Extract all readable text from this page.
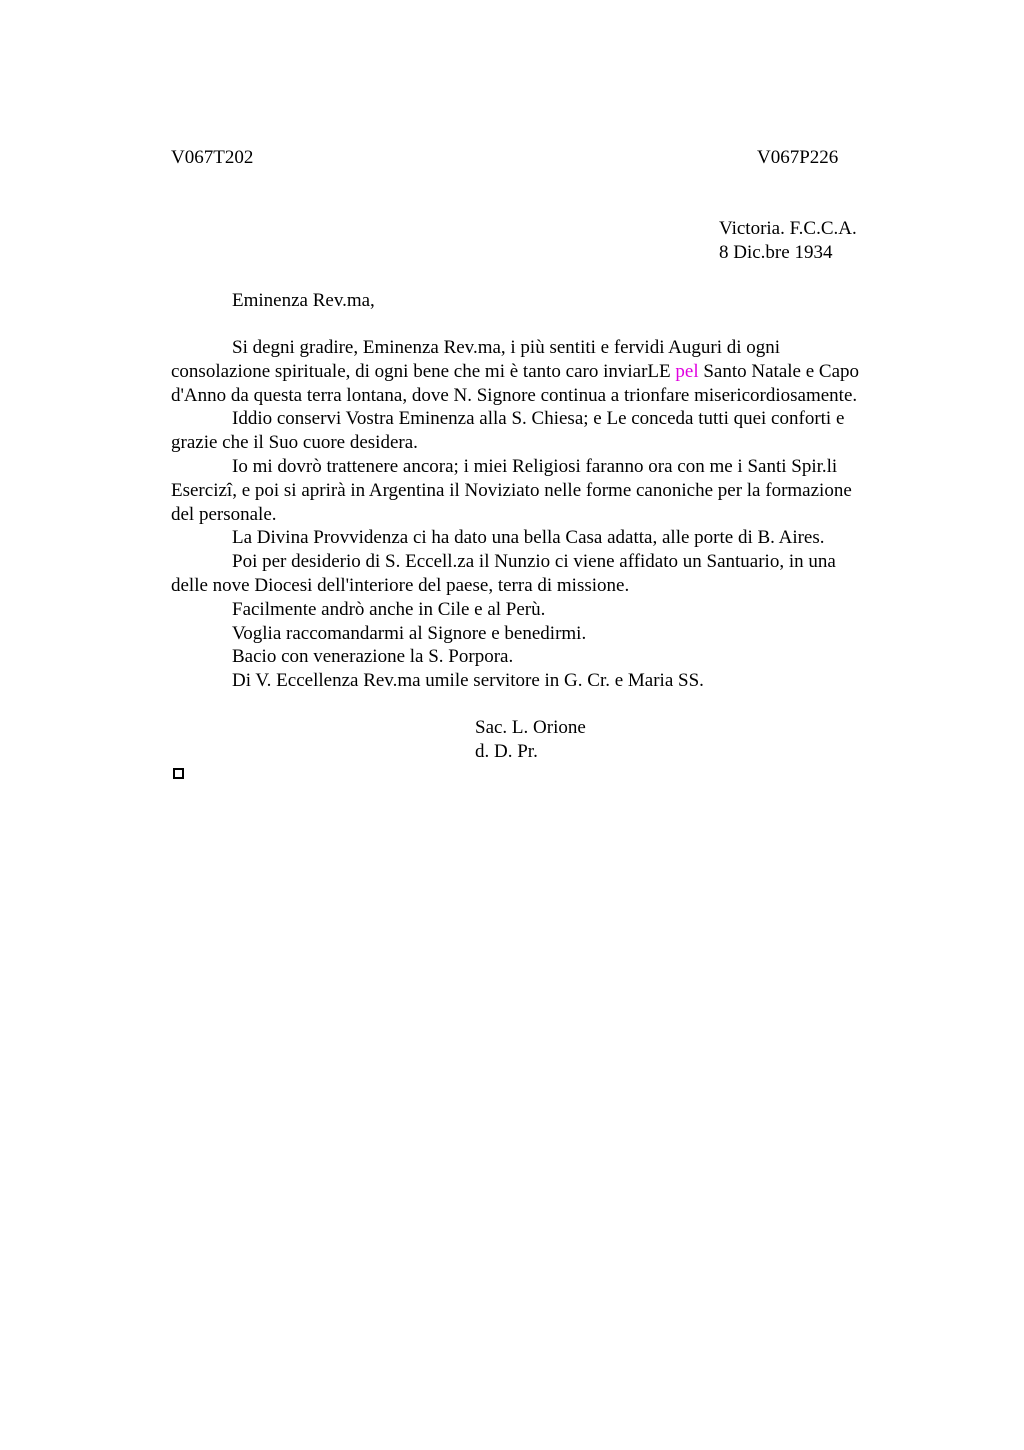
V067T202	V067P226
Victoria. F.C.C.A.
8 Dic.bre 1934
Eminenza Rev.ma,

Si degni gradire, Eminenza Rev.ma, i più sentiti e fervidi Auguri di ogni

consolazione spirituale, di ogni bene che mi è tanto caro inviarLE pel Santo Natale e Capo

d'Anno da questa terra lontana, dove N. Signore continua a trionfare misericordiosamente.

Iddio conservi Vostra Eminenza alla S. Chiesa; e Le conceda tutti quei conforti e

grazie che il Suo cuore desidera.

Io mi dovrò trattenere ancora; i miei Religiosi faranno ora con me i Santi Spir.li

Esercizi, e poi si aprirà in Argentina il Noviziato nelle forme canoniche per la formazione

del personale.

La Divina Provvidenza ci ha dato una bella Casa adatta, alle porte di B. Aires.

Poi per desiderio di S. Eccell.za il Nunzio ci viene affidato un Santuario, in una

delle nove Diocesi dell'interiore del paese, terra di missione.

Facilmente andrò anche in Cile e al Perù.

Voglia raccomandarmi al Signore e benedirmi.

Bacio con venerazione la S. Porpora.

Di V. Eccellenza Rev.ma umile servitore in G. Cr. e Maria SS.

Sac. L. Orione
d. D. Pr.
